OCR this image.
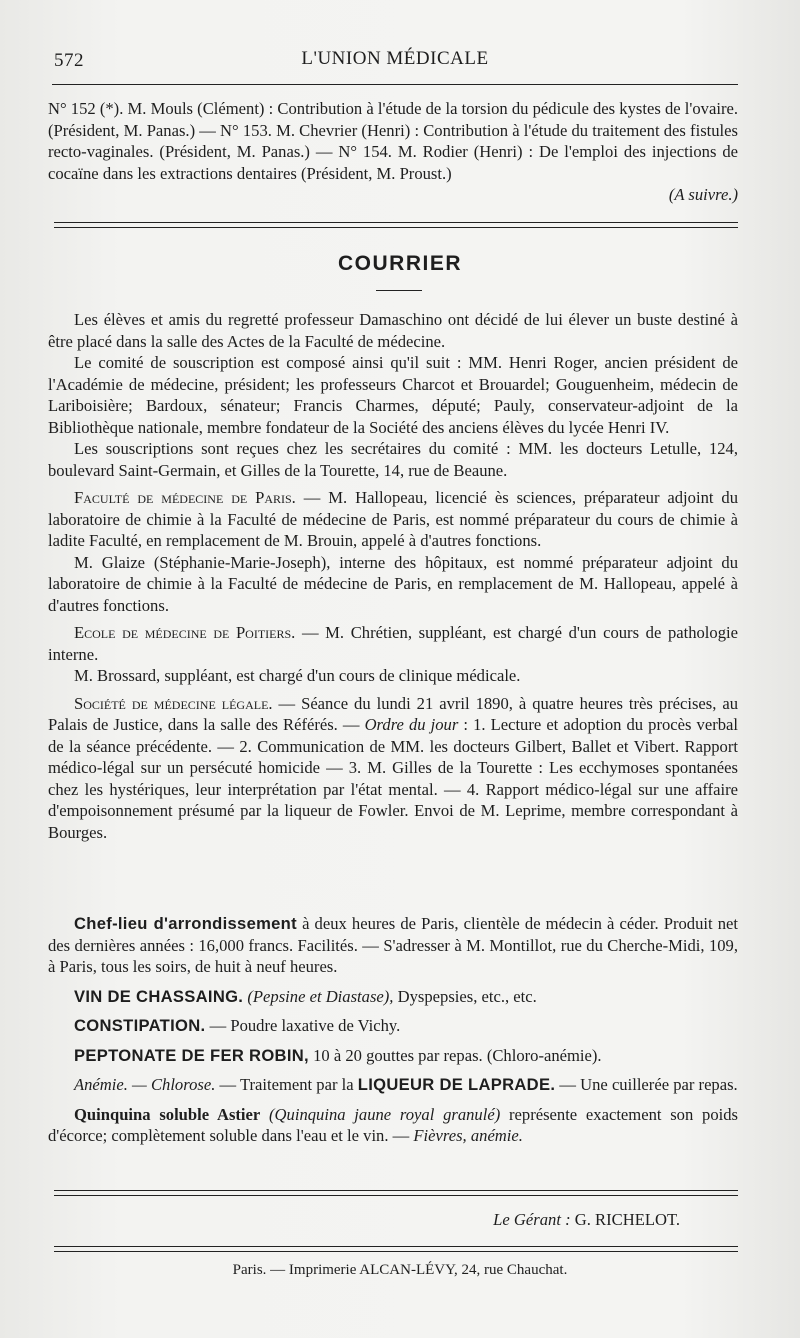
572	L'UNION MÉDICALE

N° 152 (*). M. Mouls (Clément) : Contribution à l'étude de la torsion du pédicule des kystes de l'ovaire. (Président, M. Panas.) — N° 153. M. Chevrier (Henri) : Contribution à l'étude du traitement des fistules recto-vaginales. (Président, M. Panas.) — N° 154. M. Rodier (Henri) : De l'emploi des injections de cocaïne dans les extractions dentaires (Président, M. Proust.)

(A suivre.)

COURRIER

Les élèves et amis du regretté professeur Damaschino ont décidé de lui élever un buste destiné à être placé dans la salle des Actes de la Faculté de médecine.

Le comité de souscription est composé ainsi qu'il suit : MM. Henri Roger, ancien président de l'Académie de médecine, président; les professeurs Charcot et Brouardel; Gouguenheim, médecin de Lariboisière; Bardoux, sénateur; Francis Charmes, député; Pauly, conservateur-adjoint de la Bibliothèque nationale, membre fondateur de la Société des anciens élèves du lycée Henri IV.

Les souscriptions sont reçues chez les secrétaires du comité : MM. les docteurs Letulle, 124, boulevard Saint-Germain, et Gilles de la Tourette, 14, rue de Beaune.

Faculté de médecine de Paris. — M. Hallopeau, licencié ès sciences, préparateur adjoint du laboratoire de chimie à la Faculté de médecine de Paris, est nommé préparateur du cours de chimie à ladite Faculté, en remplacement de M. Brouin, appelé à d'autres fonctions.

M. Glaize (Stéphanie-Marie-Joseph), interne des hôpitaux, est nommé préparateur adjoint du laboratoire de chimie à la Faculté de médecine de Paris, en remplacement de M. Hallopeau, appelé à d'autres fonctions.

Ecole de médecine de Poitiers. — M. Chrétien, suppléant, est chargé d'un cours de pathologie interne.

M. Brossard, suppléant, est chargé d'un cours de clinique médicale.

Société de médecine légale. — Séance du lundi 21 avril 1890, à quatre heures très précises, au Palais de Justice, dans la salle des Référés. — Ordre du jour : 1. Lecture et adoption du procès verbal de la séance précédente. — 2. Communication de MM. les docteurs Gilbert, Ballet et Vibert. Rapport médico-légal sur un persécuté homicide — 3. M. Gilles de la Tourette : Les ecchymoses spontanées chez les hystériques, leur interprétation par l'état mental. — 4. Rapport médico-légal sur une affaire d'empoisonnement présumé par la liqueur de Fowler. Envoi de M. Leprime, membre correspondant à Bourges.

Chef-lieu d'arrondissement à deux heures de Paris, clientèle de médecin à céder. Produit net des dernières années : 16,000 francs. Facilités. — S'adresser à M. Montillot, rue du Cherche-Midi, 109, à Paris, tous les soirs, de huit à neuf heures.

VIN DE CHASSAING. (Pepsine et Diastase), Dyspepsies, etc., etc.

CONSTIPATION. — Poudre laxative de Vichy.

PEPTONATE DE FER ROBIN, 10 à 20 gouttes par repas. (Chloro-anémie).

Anémie. — Chlorose. — Traitement par la LIQUEUR DE LAPRADE. — Une cuillerée par repas.

Quinquina soluble Astier (Quinquina jaune royal granulé) représente exactement son poids d'écorce; complètement soluble dans l'eau et le vin. — Fièvres, anémie.

Le Gérant : G. RICHELOT.
Paris. — Imprimerie ALCAN-LÉVY, 24, rue Chauchat.
